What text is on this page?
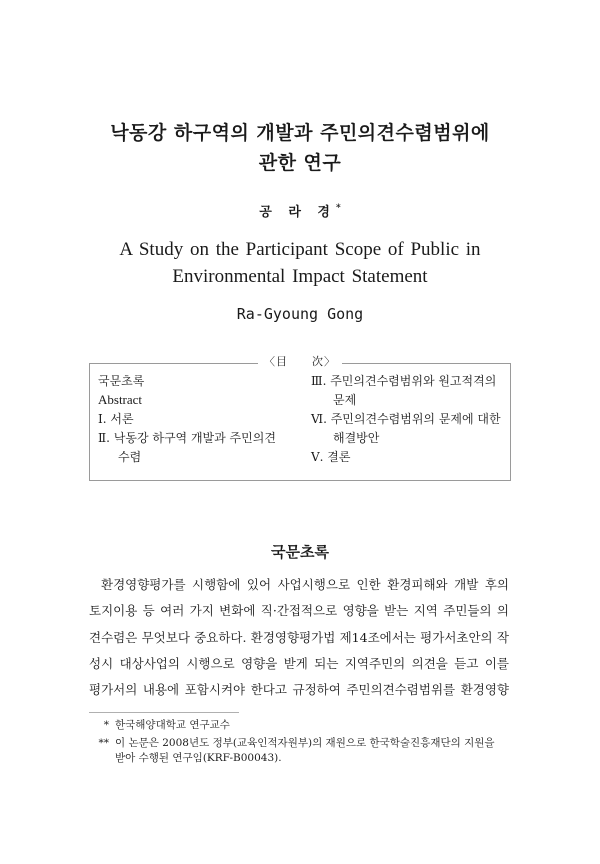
낙동강 하구역의 개발과 주민의견수렴범위에
관한 연구
공 라 경*
A Study on the Participant Scope of Public in
Environmental Impact Statement
Ra-Gyoung Gong
〈目　　次〉
국문초록
Abstract
Ⅰ. 서론
Ⅱ. 낙동강 하구역 개발과 주민의견
수렴
Ⅲ. 주민의견수렴범위와 원고적격의
문제
Ⅵ. 주민의견수렴범위의 문제에 대한
해결방안
Ⅴ. 결론
국문초록
환경영향평가를 시행함에 있어 사업시행으로 인한 환경피해와 개발 후의
토지이용 등 여러 가지 변화에 직·간접적으로 영향을 받는 지역 주민들의 의
견수렴은 무엇보다 중요하다. 환경영향평가법 제14조에서는 평가서초안의 작
성시 대상사업의 시행으로 영향을 받게 되는 지역주민의 의견을 듣고 이를
평가서의 내용에 포함시켜야 한다고 규정하여 주민의견수렴범위를 환경영향
* 한국해양대학교 연구교수
** 이 논문은 2008년도 정부(교육인적자원부)의 재원으로 한국학술진흥재단의 지원을
받아 수행된 연구임(KRF-B00043).
